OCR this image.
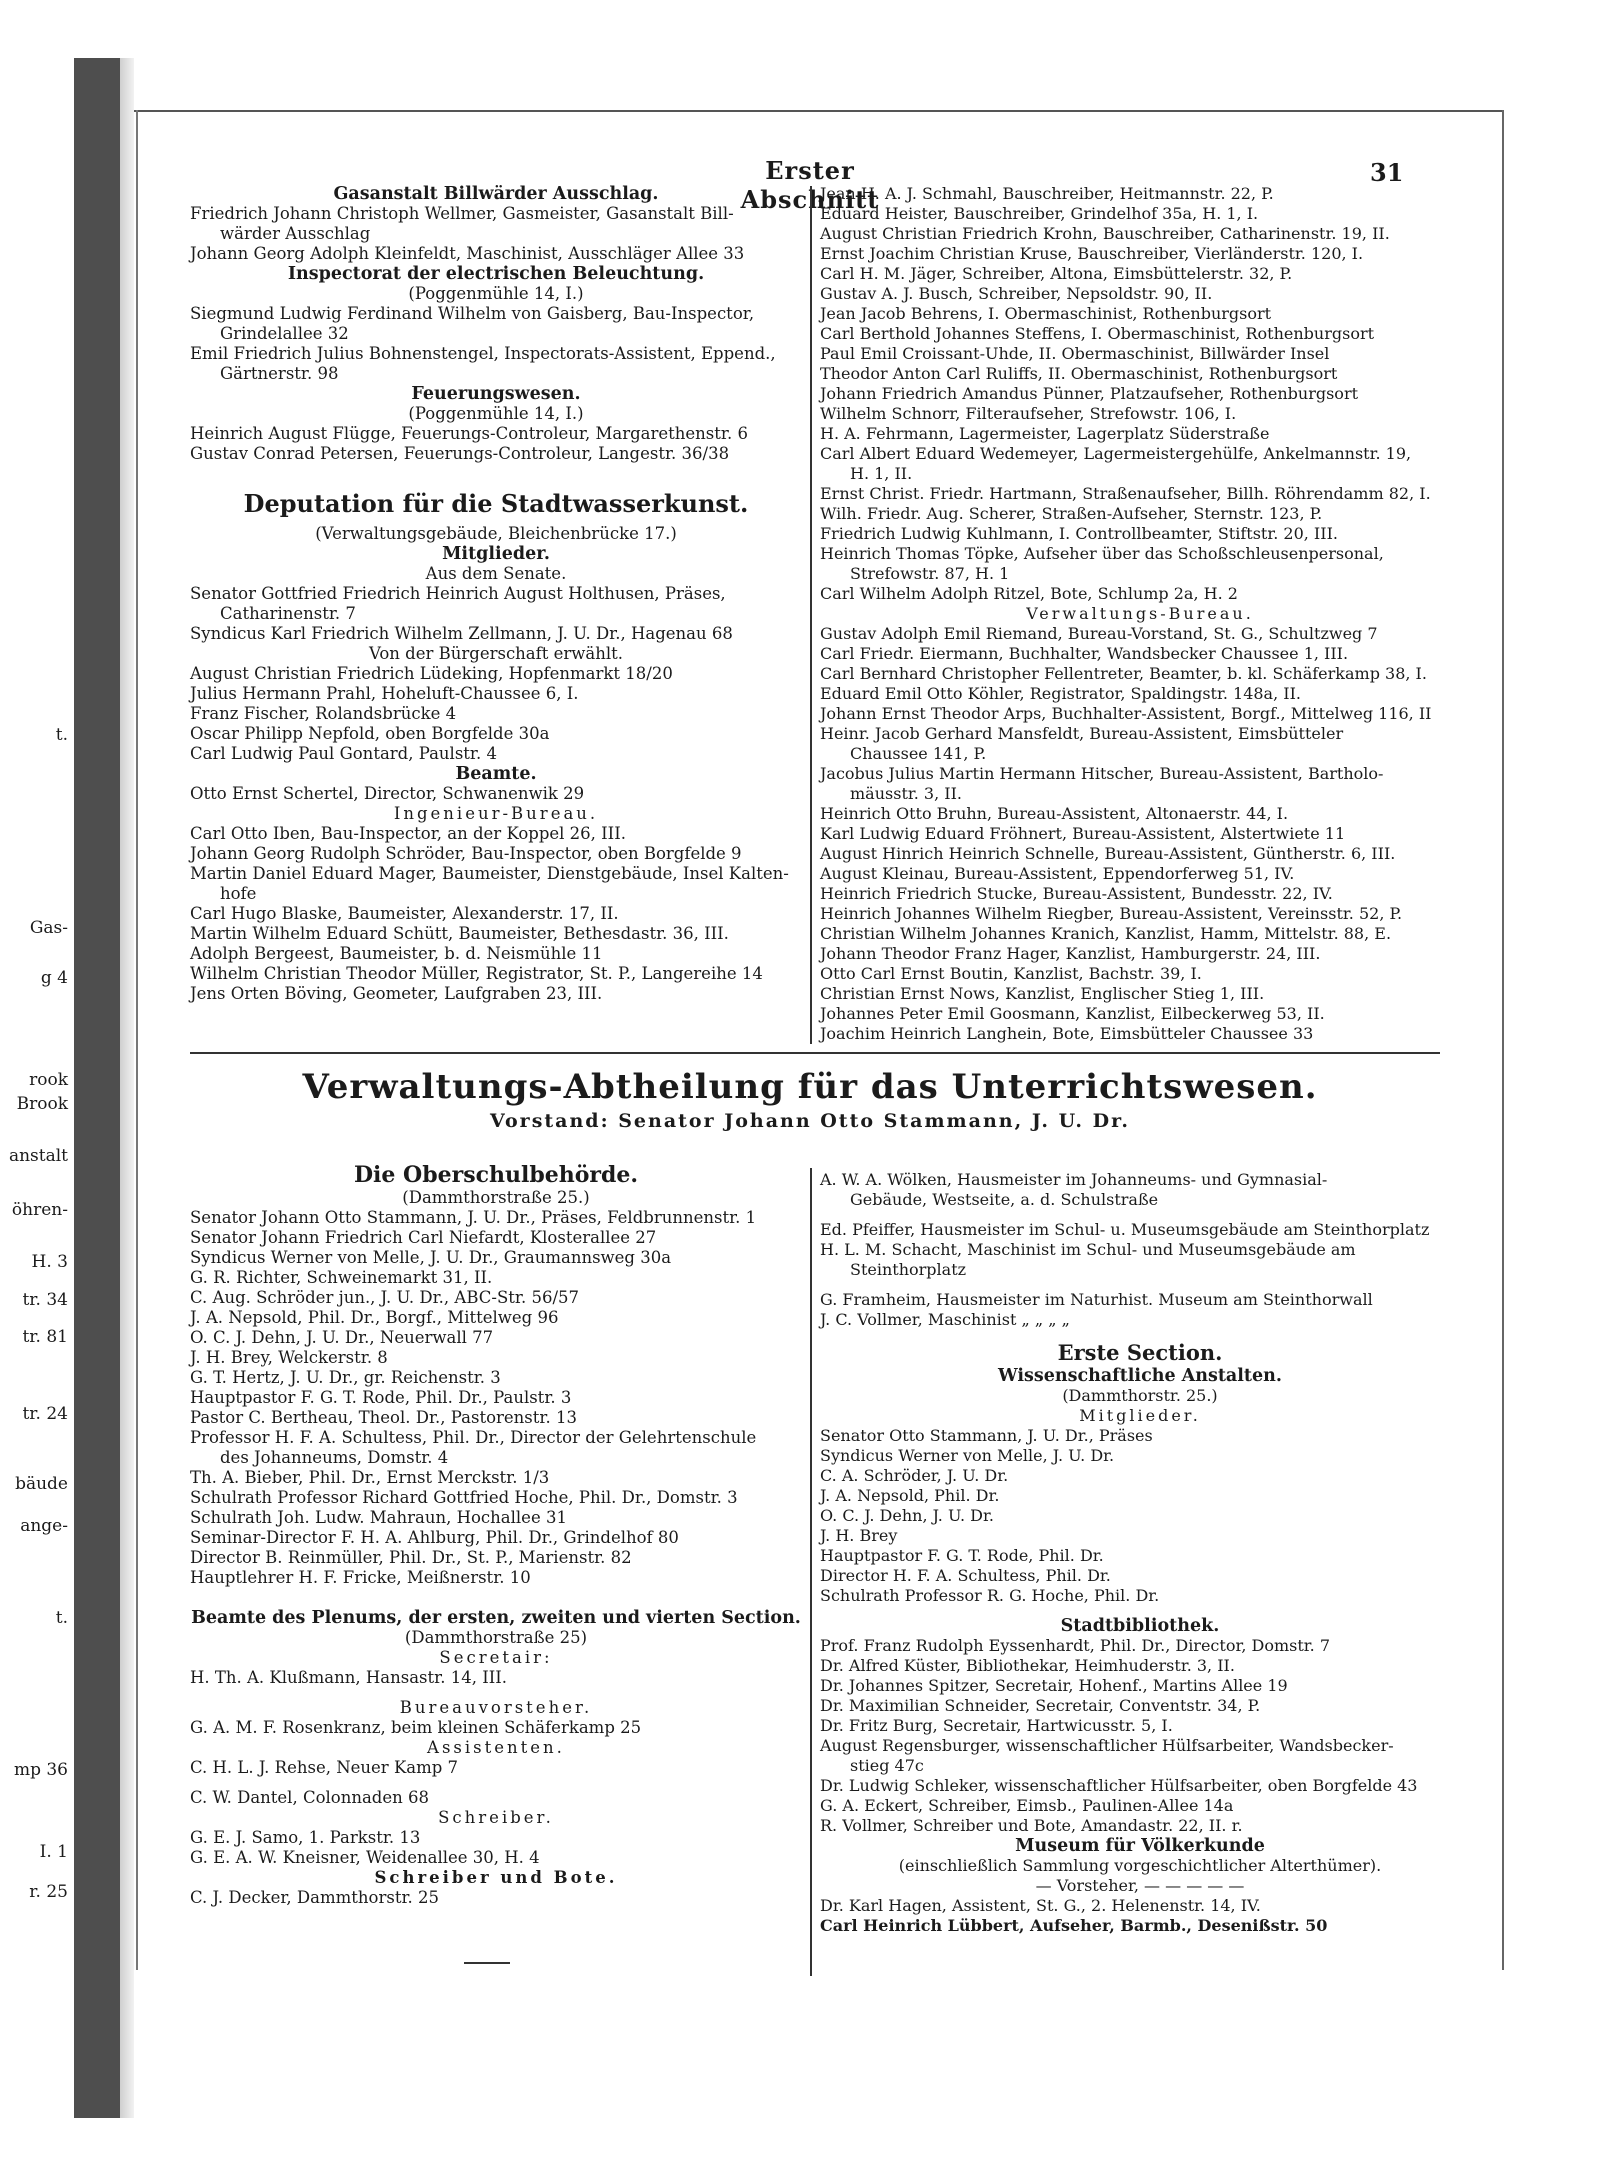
t.
Gas-
g 4
rook
Brook
anstalt
öhren-
H. 3
tr. 34
tr. 81
tr. 24
bäude
ange-
t.
mp 36
I. 1
r. 25
Erster Abschnitt
31

Gasanstalt Billwärder Ausschlag.

Friedrich Johann Christoph Wellmer, Gasmeister, Gasanstalt Bill-

wärder Ausschlag

Johann Georg Adolph Kleinfeldt, Maschinist, Ausschläger Allee 33

Inspectorat der electrischen Beleuchtung.

(Poggenmühle 14, I.)

Siegmund Ludwig Ferdinand Wilhelm von Gaisberg, Bau-Inspector,

Grindelallee 32

Emil Friedrich Julius Bohnenstengel, Inspectorats-Assistent, Eppend.,

Gärtnerstr. 98

Feuerungswesen.

(Poggenmühle 14, I.)

Heinrich August Flügge, Feuerungs-Controleur, Margarethenstr. 6

Gustav Conrad Petersen, Feuerungs-Controleur, Langestr. 36/38

Deputation für die Stadtwasserkunst.

(Verwaltungsgebäude, Bleichenbrücke 17.)

Mitglieder.

Aus dem Senate.

Senator Gottfried Friedrich Heinrich August Holthusen, Präses,

Catharinenstr. 7

Syndicus Karl Friedrich Wilhelm Zellmann, J. U. Dr., Hagenau 68

Von der Bürgerschaft erwählt.

August Christian Friedrich Lüdeking, Hopfenmarkt 18/20

Julius Hermann Prahl, Hoheluft-Chaussee 6, I.

Franz Fischer, Rolandsbrücke 4

Oscar Philipp Nepfold, oben Borgfelde 30a

Carl Ludwig Paul Gontard, Paulstr. 4

Beamte.

Otto Ernst Schertel, Director, Schwanenwik 29

Ingenieur-Bureau.

Carl Otto Iben, Bau-Inspector, an der Koppel 26, III.

Johann Georg Rudolph Schröder, Bau-Inspector, oben Borgfelde 9

Martin Daniel Eduard Mager, Baumeister, Dienstgebäude, Insel Kalten-

hofe

Carl Hugo Blaske, Baumeister, Alexanderstr. 17, II.

Martin Wilhelm Eduard Schütt, Baumeister, Bethesdastr. 36, III.

Adolph Bergeest, Baumeister, b. d. Neismühle 11

Wilhelm Christian Theodor Müller, Registrator, St. P., Langereihe 14

Jens Orten Böving, Geometer, Laufgraben 23, III.

Jean H. A. J. Schmahl, Bauschreiber, Heitmannstr. 22, P.

Eduard Heister, Bauschreiber, Grindelhof 35a, H. 1, I.

August Christian Friedrich Krohn, Bauschreiber, Catharinenstr. 19, II.

Ernst Joachim Christian Kruse, Bauschreiber, Vierländerstr. 120, I.

Carl H. M. Jäger, Schreiber, Altona, Eimsbüttelerstr. 32, P.

Gustav A. J. Busch, Schreiber, Nepsoldstr. 90, II.

Jean Jacob Behrens, I. Obermaschinist, Rothenburgsort

Carl Berthold Johannes Steffens, I. Obermaschinist, Rothenburgsort

Paul Emil Croissant-Uhde, II. Obermaschinist, Billwärder Insel

Theodor Anton Carl Ruliffs, II. Obermaschinist, Rothenburgsort

Johann Friedrich Amandus Pünner, Platzaufseher, Rothenburgsort

Wilhelm Schnorr, Filteraufseher, Strefowstr. 106, I.

H. A. Fehrmann, Lagermeister, Lagerplatz Süderstraße

Carl Albert Eduard Wedemeyer, Lagermeistergehülfe, Ankelmannstr. 19,

H. 1, II.

Ernst Christ. Friedr. Hartmann, Straßenaufseher, Billh. Röhrendamm 82, I.

Wilh. Friedr. Aug. Scherer, Straßen-Aufseher, Sternstr. 123, P.

Friedrich Ludwig Kuhlmann, I. Controllbeamter, Stiftstr. 20, III.

Heinrich Thomas Töpke, Aufseher über das Schoßschleusenpersonal,

Strefowstr. 87, H. 1

Carl Wilhelm Adolph Ritzel, Bote, Schlump 2a, H. 2

Verwaltungs-Bureau.

Gustav Adolph Emil Riemand, Bureau-Vorstand, St. G., Schultzweg 7

Carl Friedr. Eiermann, Buchhalter, Wandsbecker Chaussee 1, III.

Carl Bernhard Christopher Fellentreter, Beamter, b. kl. Schäferkamp 38, I.

Eduard Emil Otto Köhler, Registrator, Spaldingstr. 148a, II.

Johann Ernst Theodor Arps, Buchhalter-Assistent, Borgf., Mittelweg 116, II

Heinr. Jacob Gerhard Mansfeldt, Bureau-Assistent, Eimsbütteler

Chaussee 141, P.

Jacobus Julius Martin Hermann Hitscher, Bureau-Assistent, Bartholo-

mäusstr. 3, II.

Heinrich Otto Bruhn, Bureau-Assistent, Altonaerstr. 44, I.

Karl Ludwig Eduard Fröhnert, Bureau-Assistent, Alstertwiete 11

August Hinrich Heinrich Schnelle, Bureau-Assistent, Güntherstr. 6, III.

August Kleinau, Bureau-Assistent, Eppendorferweg 51, IV.

Heinrich Friedrich Stucke, Bureau-Assistent, Bundesstr. 22, IV.

Heinrich Johannes Wilhelm Riegber, Bureau-Assistent, Vereinsstr. 52, P.

Christian Wilhelm Johannes Kranich, Kanzlist, Hamm, Mittelstr. 88, E.

Johann Theodor Franz Hager, Kanzlist, Hamburgerstr. 24, III.

Otto Carl Ernst Boutin, Kanzlist, Bachstr. 39, I.

Christian Ernst Nows, Kanzlist, Englischer Stieg 1, III.

Johannes Peter Emil Goosmann, Kanzlist, Eilbeckerweg 53, II.

Joachim Heinrich Langhein, Bote, Eimsbütteler Chaussee 33

Verwaltungs-Abtheilung für das Unterrichtswesen.
Vorstand: Senator Johann Otto Stammann, J. U. Dr.

Die Oberschulbehörde.

(Dammthorstraße 25.)

Senator Johann Otto Stammann, J. U. Dr., Präses, Feldbrunnenstr. 1

Senator Johann Friedrich Carl Niefardt, Klosterallee 27

Syndicus Werner von Melle, J. U. Dr., Graumannsweg 30a

G. R. Richter, Schweinemarkt 31, II.

C. Aug. Schröder jun., J. U. Dr., ABC-Str. 56/57

J. A. Nepsold, Phil. Dr., Borgf., Mittelweg 96

O. C. J. Dehn, J. U. Dr., Neuerwall 77

J. H. Brey, Welckerstr. 8

G. T. Hertz, J. U. Dr., gr. Reichenstr. 3

Hauptpastor F. G. T. Rode, Phil. Dr., Paulstr. 3

Pastor C. Bertheau, Theol. Dr., Pastorenstr. 13

Professor H. F. A. Schultess, Phil. Dr., Director der Gelehrtenschule

des Johanneums, Domstr. 4

Th. A. Bieber, Phil. Dr., Ernst Merckstr. 1/3

Schulrath Professor Richard Gottfried Hoche, Phil. Dr., Domstr. 3

Schulrath Joh. Ludw. Mahraun, Hochallee 31

Seminar-Director F. H. A. Ahlburg, Phil. Dr., Grindelhof 80

Director B. Reinmüller, Phil. Dr., St. P., Marienstr. 82

Hauptlehrer H. F. Fricke, Meißnerstr. 10

Beamte des Plenums, der ersten, zweiten und vierten Section.

(Dammthorstraße 25)

Secretair:

H. Th. A. Klußmann, Hansastr. 14, III.

Bureauvorsteher.

G. A. M. F. Rosenkranz, beim kleinen Schäferkamp 25

Assistenten.

C. H. L. J. Rehse, Neuer Kamp 7

C. W. Dantel, Colonnaden 68

Schreiber.

G. E. J. Samo, 1. Parkstr. 13

G. E. A. W. Kneisner, Weidenallee 30, H. 4

Schreiber und Bote.

C. J. Decker, Dammthorstr. 25

A. W. A. Wölken, Hausmeister im Johanneums- und Gymnasial-

Gebäude, Westseite, a. d. Schulstraße

Ed. Pfeiffer, Hausmeister im Schul- u. Museumsgebäude am Steinthorplatz

H. L. M. Schacht, Maschinist im Schul- und Museumsgebäude am

Steinthorplatz

G. Framheim, Hausmeister im Naturhist. Museum am Steinthorwall

J. C. Vollmer, Maschinist „ „ „ „

Erste Section.

Wissenschaftliche Anstalten.

(Dammthorstr. 25.)

Mitglieder.

Senator Otto Stammann, J. U. Dr., Präses

Syndicus Werner von Melle, J. U. Dr.

C. A. Schröder, J. U. Dr.

J. A. Nepsold, Phil. Dr.

O. C. J. Dehn, J. U. Dr.

J. H. Brey

Hauptpastor F. G. T. Rode, Phil. Dr.

Director H. F. A. Schultess, Phil. Dr.

Schulrath Professor R. G. Hoche, Phil. Dr.

Stadtbibliothek.

Prof. Franz Rudolph Eyssenhardt, Phil. Dr., Director, Domstr. 7

Dr. Alfred Küster, Bibliothekar, Heimhuderstr. 3, II.

Dr. Johannes Spitzer, Secretair, Hohenf., Martins Allee 19

Dr. Maximilian Schneider, Secretair, Conventstr. 34, P.

Dr. Fritz Burg, Secretair, Hartwicusstr. 5, I.

August Regensburger, wissenschaftlicher Hülfsarbeiter, Wandsbecker-

stieg 47c

Dr. Ludwig Schleker, wissenschaftlicher Hülfsarbeiter, oben Borgfelde 43

G. A. Eckert, Schreiber, Eimsb., Paulinen-Allee 14a

R. Vollmer, Schreiber und Bote, Amandastr. 22, II. r.

Museum für Völkerkunde

(einschließlich Sammlung vorgeschichtlicher Alterthümer).

— Vorsteher, — — — — —

Dr. Karl Hagen, Assistent, St. G., 2. Helenenstr. 14, IV.

Carl Heinrich Lübbert, Aufseher, Barmb., Desenißstr. 50
